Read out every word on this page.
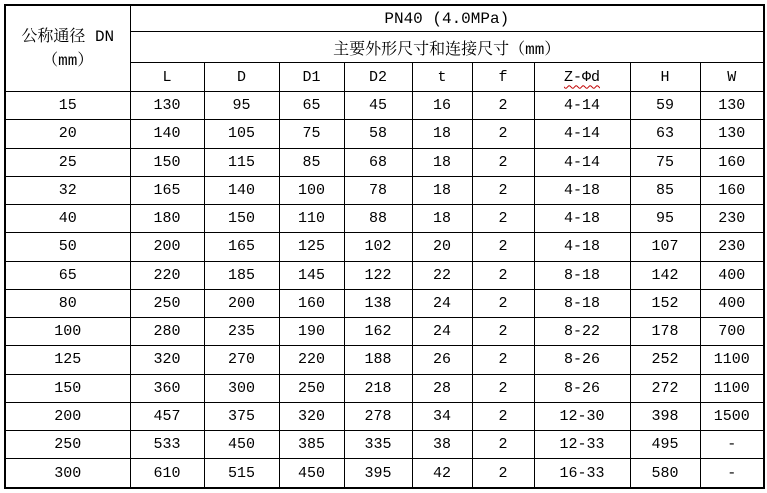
公称通径 DN
（mm）	PN40 (4.0MPa)								
	主要外形尺寸和连接尺寸（mm）								
	L	D	D1	D2	t	f	Z-Φd	H	W
15	130	95	65	45	16	2	4-14	59	130
20	140	105	75	58	18	2	4-14	63	130
25	150	115	85	68	18	2	4-14	75	160
32	165	140	100	78	18	2	4-18	85	160
40	180	150	110	88	18	2	4-18	95	230
50	200	165	125	102	20	2	4-18	107	230
65	220	185	145	122	22	2	8-18	142	400
80	250	200	160	138	24	2	8-18	152	400
100	280	235	190	162	24	2	8-22	178	700
125	320	270	220	188	26	2	8-26	252	1100
150	360	300	250	218	28	2	8-26	272	1100
200	457	375	320	278	34	2	12-30	398	1500
250	533	450	385	335	38	2	12-33	495	-
300	610	515	450	395	42	2	16-33	580	-
